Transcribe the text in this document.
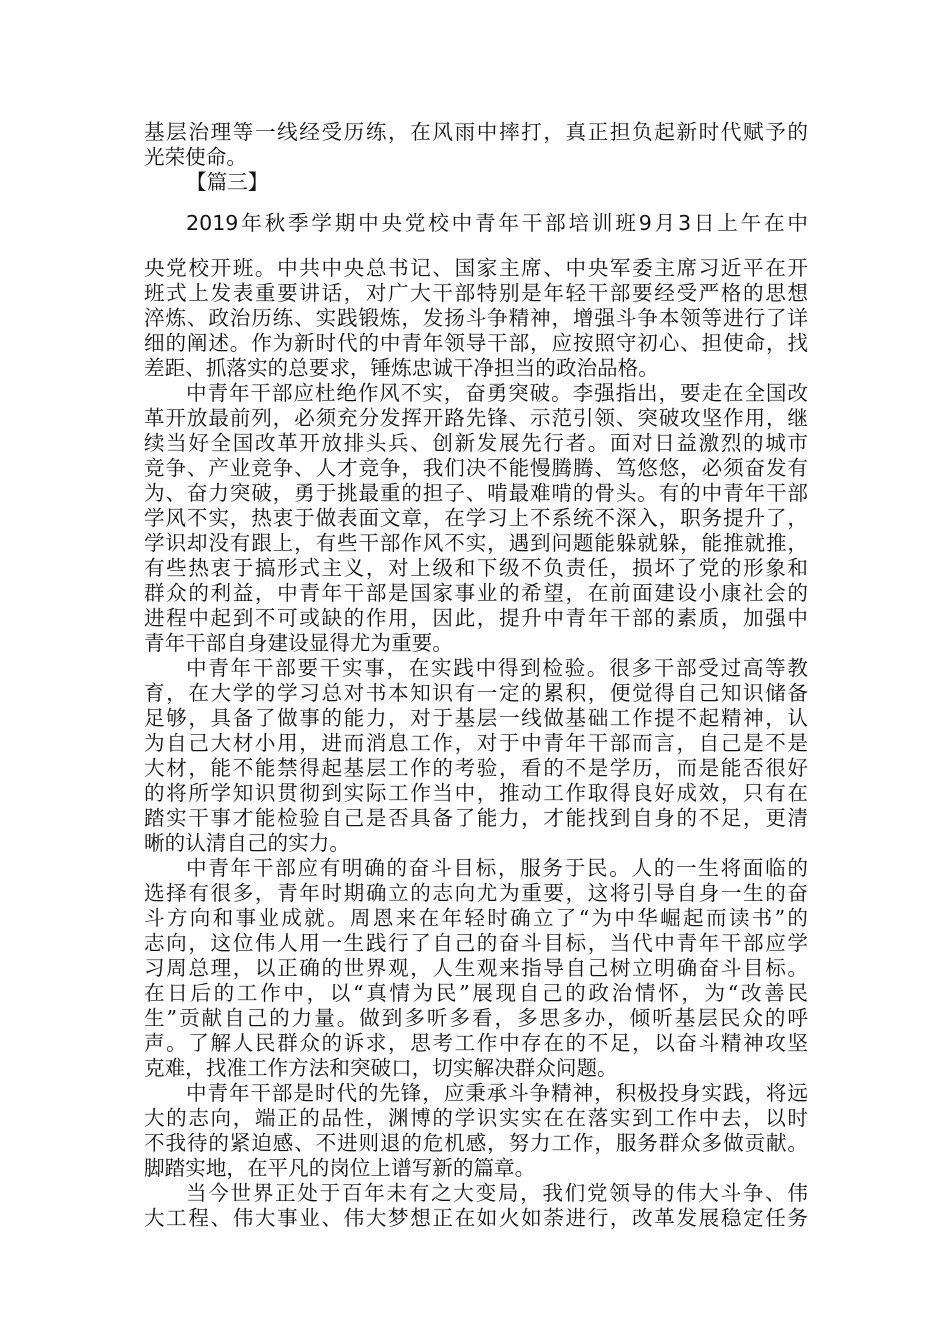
基层治理等一线经受历练，在风雨中摔打，真正担负起新时代赋予的
光荣使命。
【篇三】
2019年秋季学期中央党校中青年干部培训班9月3日上午在中
央党校开班。中共中央总书记、国家主席、中央军委主席习近平在开
班式上发表重要讲话，对广大干部特别是年轻干部要经受严格的思想
淬炼、政治历练、实践锻炼，发扬斗争精神，增强斗争本领等进行了详
细的阐述。作为新时代的中青年领导干部，应按照守初心、担使命，找
差距、抓落实的总要求，锤炼忠诚干净担当的政治品格。
中青年干部应杜绝作风不实，奋勇突破。李强指出，要走在全国改
革开放最前列，必须充分发挥开路先锋、示范引领、突破攻坚作用，继
续当好全国改革开放排头兵、创新发展先行者。面对日益激烈的城市
竞争、产业竞争、人才竞争，我们决不能慢腾腾、笃悠悠，必须奋发有
为、奋力突破，勇于挑最重的担子、啃最难啃的骨头。有的中青年干部
学风不实，热衷于做表面文章，在学习上不系统不深入，职务提升了，
学识却没有跟上，有些干部作风不实，遇到问题能躲就躲，能推就推，
有些热衷于搞形式主义，对上级和下级不负责任，损坏了党的形象和
群众的利益，中青年干部是国家事业的希望，在前面建设小康社会的
进程中起到不可或缺的作用，因此，提升中青年干部的素质，加强中
青年干部自身建设显得尤为重要。
中青年干部要干实事，在实践中得到检验。很多干部受过高等教
育，在大学的学习总对书本知识有一定的累积，便觉得自己知识储备
足够，具备了做事的能力，对于基层一线做基础工作提不起精神，认
为自己大材小用，进而消息工作，对于中青年干部而言，自己是不是
大材，能不能禁得起基层工作的考验，看的不是学历，而是能否很好
的将所学知识贯彻到实际工作当中，推动工作取得良好成效，只有在
踏实干事才能检验自己是否具备了能力，才能找到自身的不足，更清
晰的认清自己的实力。
中青年干部应有明确的奋斗目标，服务于民。人的一生将面临的
选择有很多，青年时期确立的志向尤为重要，这将引导自身一生的奋
斗方向和事业成就。周恩来在年轻时确立了“为中华崛起而读书”的
志向，这位伟人用一生践行了自己的奋斗目标，当代中青年干部应学
习周总理，以正确的世界观，人生观来指导自己树立明确奋斗目标。
在日后的工作中，以“真情为民”展现自己的政治情怀，为“改善民
生”贡献自己的力量。做到多听多看，多思多办，倾听基层民众的呼
声。了解人民群众的诉求，思考工作中存在的不足，以奋斗精神攻坚
克难，找准工作方法和突破口，切实解决群众问题。
中青年干部是时代的先锋，应秉承斗争精神，积极投身实践，将远
大的志向，端正的品性，渊博的学识实实在在落实到工作中去，以时
不我待的紧迫感、不进则退的危机感，努力工作，服务群众多做贡献。
脚踏实地，在平凡的岗位上谱写新的篇章。
当今世界正处于百年未有之大变局，我们党领导的伟大斗争、伟
大工程、伟大事业、伟大梦想正在如火如荼进行，改革发展稳定任务
